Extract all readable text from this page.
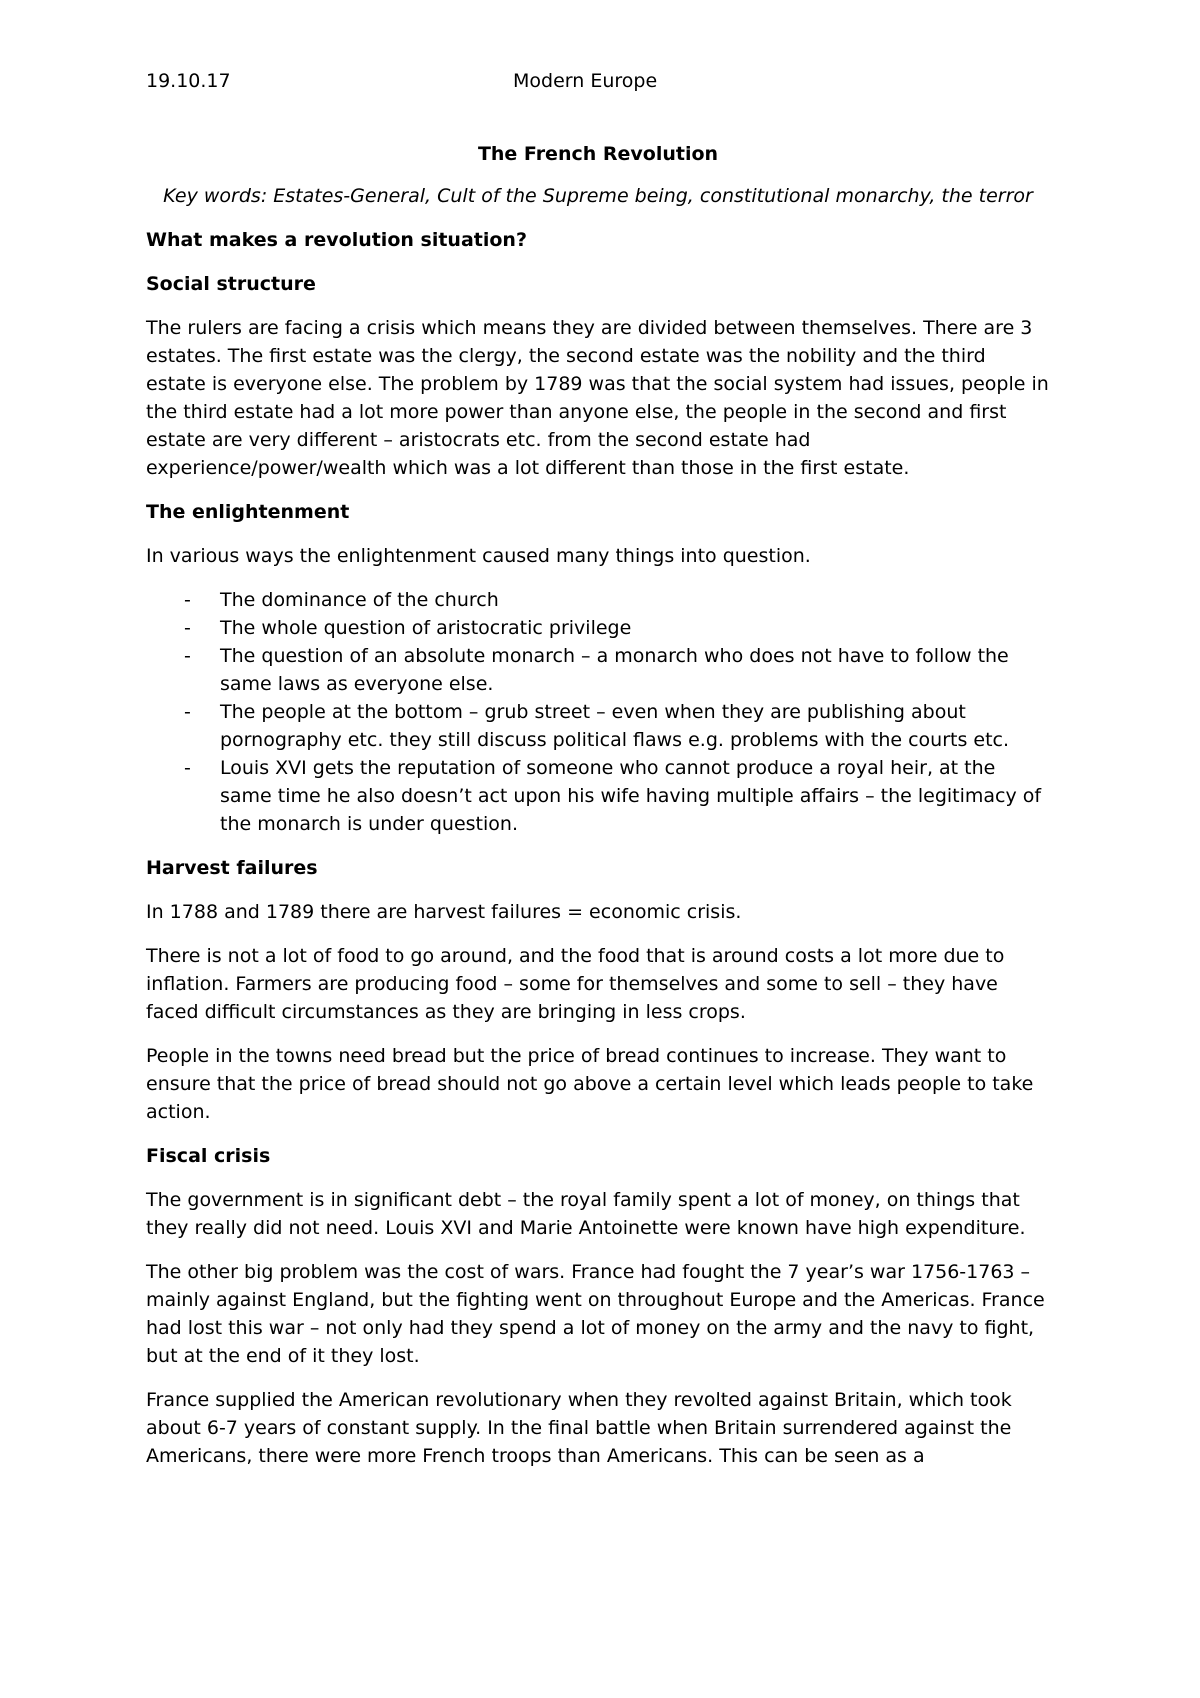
19.10.17	Modern Europe
The French Revolution
Key words: Estates-General, Cult of the Supreme being, constitutional monarchy, the terror
What makes a revolution situation?
Social structure

The rulers are facing a crisis which means they are divided between themselves. There are 3 estates. The first estate was the clergy, the second estate was the nobility and the third estate is everyone else. The problem by 1789 was that the social system had issues, people in the third estate had a lot more power than anyone else, the people in the second and first estate are very different – aristocrats etc. from the second estate had experience/power/wealth which was a lot different than those in the first estate.

The enlightenment

In various ways the enlightenment caused many things into question.

- The dominance of the church
- The whole question of aristocratic privilege
- The question of an absolute monarch – a monarch who does not have to follow the same laws as everyone else.
- The people at the bottom – grub street – even when they are publishing about pornography etc. they still discuss political flaws e.g. problems with the courts etc.
- Louis XVI gets the reputation of someone who cannot produce a royal heir, at the same time he also doesn’t act upon his wife having multiple affairs – the legitimacy of the monarch is under question.
Harvest failures

In 1788 and 1789 there are harvest failures = economic crisis.

There is not a lot of food to go around, and the food that is around costs a lot more due to inflation. Farmers are producing food – some for themselves and some to sell – they have faced difficult circumstances as they are bringing in less crops.

People in the towns need bread but the price of bread continues to increase. They want to ensure that the price of bread should not go above a certain level which leads people to take action.

Fiscal crisis

The government is in significant debt – the royal family spent a lot of money, on things that they really did not need. Louis XVI and Marie Antoinette were known have high expenditure.

The other big problem was the cost of wars. France had fought the 7 year’s war 1756-1763 – mainly against England, but the fighting went on throughout Europe and the Americas. France had lost this war – not only had they spend a lot of money on the army and the navy to fight, but at the end of it they lost.

France supplied the American revolutionary when they revolted against Britain, which took about 6-7 years of constant supply. In the final battle when Britain surrendered against the Americans, there were more French troops than Americans. This can be seen as a
